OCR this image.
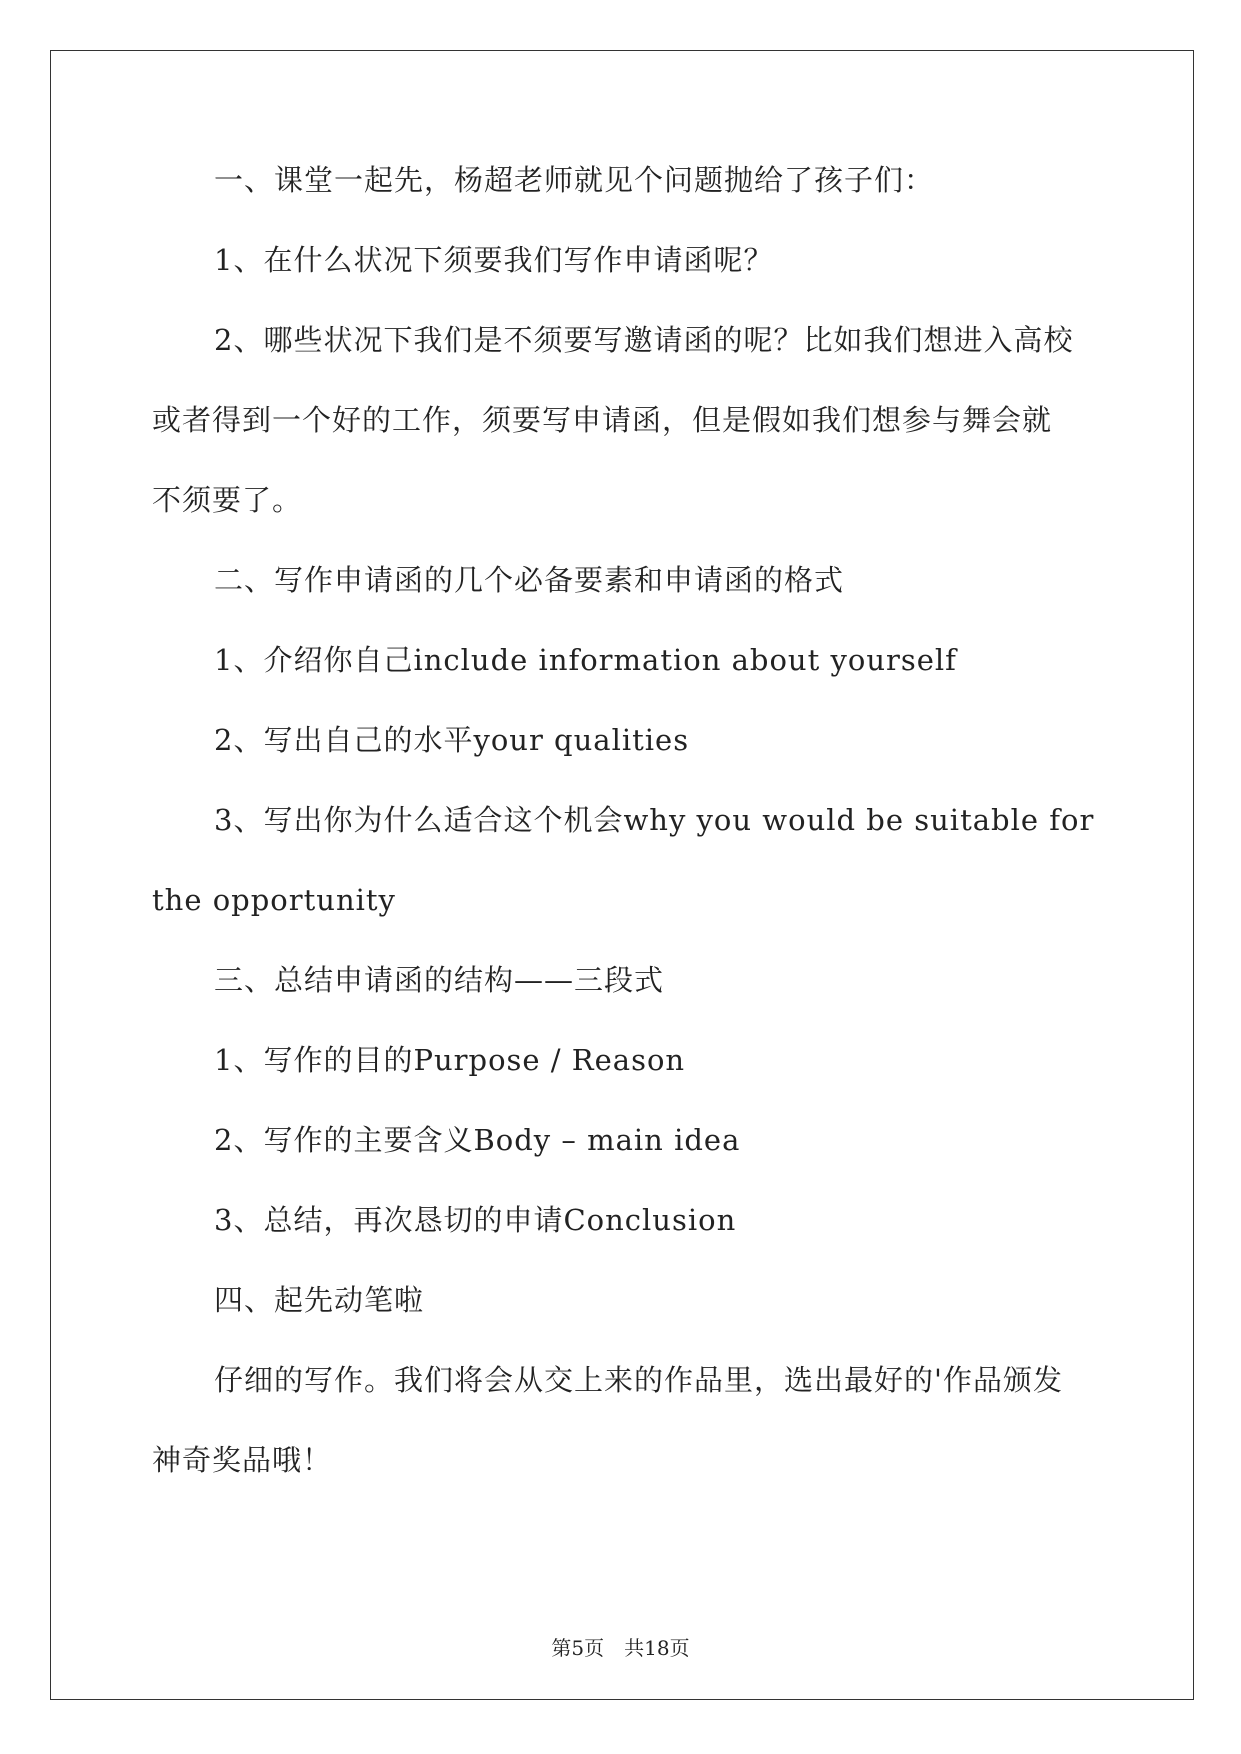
一、课堂一起先，杨超老师就见个问题抛给了孩子们：
1、在什么状况下须要我们写作申请函呢？
2、哪些状况下我们是不须要写邀请函的呢？比如我们想进入高校
或者得到一个好的工作，须要写申请函，但是假如我们想参与舞会就
不须要了。
二、写作申请函的几个必备要素和申请函的格式
1、介绍你自己include information about yourself
2、写出自己的水平your qualities
3、写出你为什么适合这个机会why you would be suitable for
the opportunity
三、总结申请函的结构——三段式
1、写作的目的Purpose / Reason
2、写作的主要含义Body – main idea
3、总结，再次恳切的申请Conclusion
四、起先动笔啦
仔细的写作。我们将会从交上来的作品里，选出最好的'作品颁发
神奇奖品哦！
第5页　共18页
